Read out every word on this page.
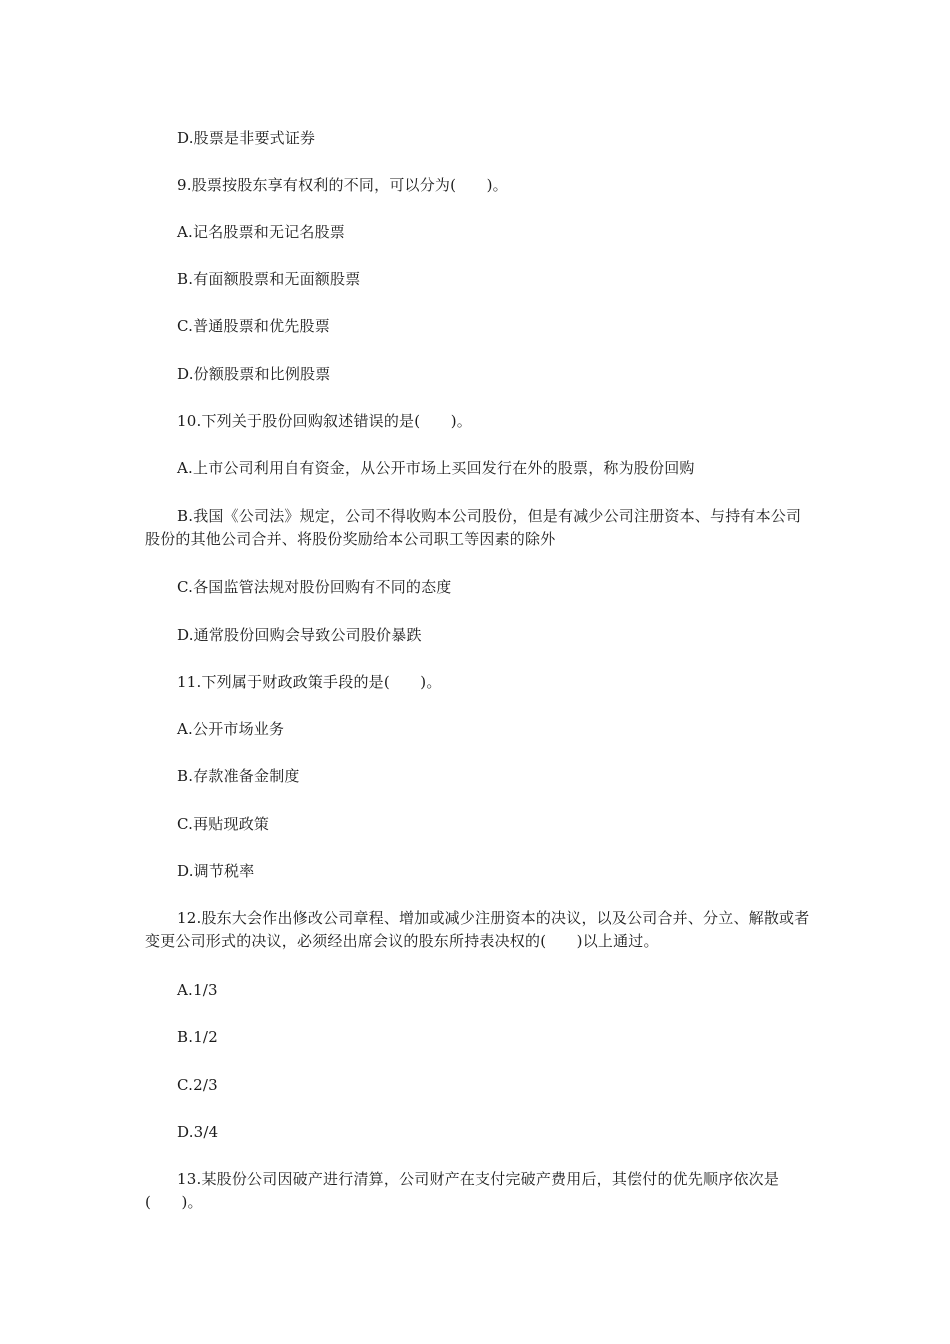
D.股票是非要式证券
9.股票按股东享有权利的不同，可以分为(　　)。
A.记名股票和无记名股票
B.有面额股票和无面额股票
C.普通股票和优先股票
D.份额股票和比例股票
10.下列关于股份回购叙述错误的是(　　)。
A.上市公司利用自有资金，从公开市场上买回发行在外的股票，称为股份回购
B.我国《公司法》规定，公司不得收购本公司股份，但是有减少公司注册资本、与持有本公司股份的其他公司合并、将股份奖励给本公司职工等因素的除外
C.各国监管法规对股份回购有不同的态度
D.通常股份回购会导致公司股价暴跌
11.下列属于财政政策手段的是(　　)。
A.公开市场业务
B.存款准备金制度
C.再贴现政策
D.调节税率
12.股东大会作出修改公司章程、增加或减少注册资本的决议，以及公司合并、分立、解散或者变更公司形式的决议，必须经出席会议的股东所持表决权的(　　)以上通过。
A.1/3
B.1/2
C.2/3
D.3/4
13.某股份公司因破产进行清算，公司财产在支付完破产费用后，其偿付的优先顺序依次是(　　)。
